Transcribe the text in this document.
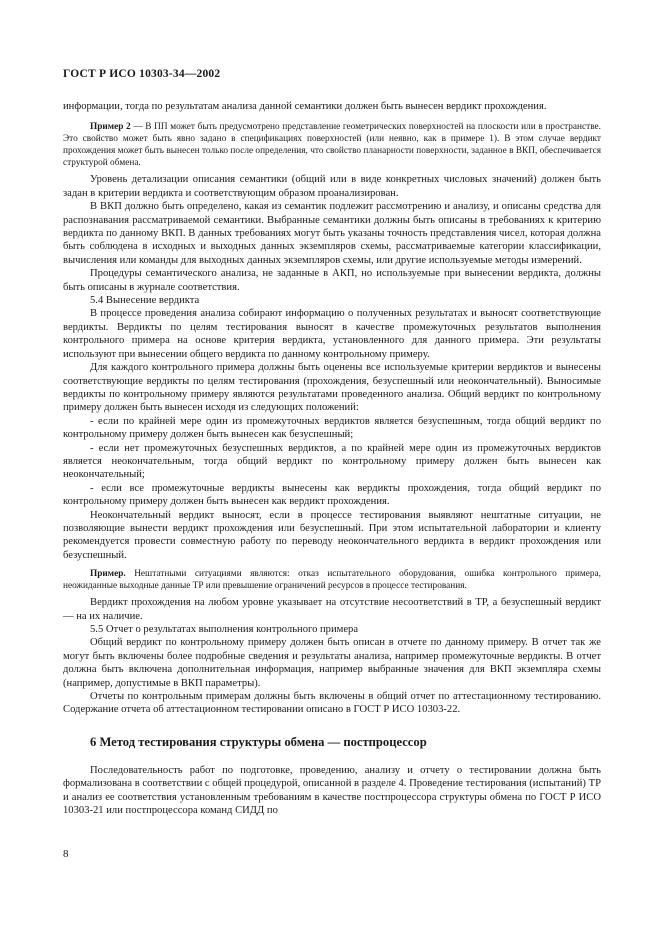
ГОСТ Р ИСО 10303-34—2002

информации, тогда по результатам анализа данной семантики должен быть вынесен вердикт прохождения.

Пример 2 — В ПП может быть предусмотрено представление геометрических поверхностей на плоскости или в пространстве. Это свойство может быть явно задано в спецификациях поверхностей (или неявно, как в примере 1). В этом случае вердикт прохождения может быть вынесен только после определения, что свойство планарности поверхности, заданное в ВКП, обеспечивается структурой обмена.

Уровень детализации описания семантики (общий или в виде конкретных числовых значений) должен быть задан в критерии вердикта и соответствующим образом проанализирован.

В ВКП должно быть определено, какая из семантик подлежит рассмотрению и анализу, и описаны средства для распознавания рассматриваемой семантики. Выбранные семантики должны быть описаны в требованиях к критерию вердикта по данному ВКП. В данных требованиях могут быть указаны точность представления чисел, которая должна быть соблюдена в исходных и выходных данных экземпляров схемы, рассматриваемые категории классификации, вычисления или команды для выходных данных экземпляров схемы, или другие используемые методы измерений.

Процедуры семантического анализа, не заданные в АКП, но используемые при вынесении вердикта, должны быть описаны в журнале соответствия.

5.4 Вынесение вердикта

В процессе проведения анализа собирают информацию о полученных результатах и выносят соответствующие вердикты. Вердикты по целям тестирования выносят в качестве промежуточных результатов выполнения контрольного примера на основе критерия вердикта, установленного для данного примера. Эти результаты используют при вынесении общего вердикта по данному контрольному примеру.

Для каждого контрольного примера должны быть оценены все используемые критерии вердиктов и вынесены соответствующие вердикты по целям тестирования (прохождения, безуспешный или неокончательный). Выносимые вердикты по контрольному примеру являются результатами проведенного анализа. Общий вердикт по контрольному примеру должен быть вынесен исходя из следующих положений:

- если по крайней мере один из промежуточных вердиктов является безуспешным, тогда общий вердикт по контрольному примеру должен быть вынесен как безуспешный;

- если нет промежуточных безуспешных вердиктов, а по крайней мере один из промежуточных вердиктов является неокончательным, тогда общий вердикт по контрольному примеру должен быть вынесен как неокончательный;

- если все промежуточные вердикты вынесены как вердикты прохождения, тогда общий вердикт по контрольному примеру должен быть вынесен как вердикт прохождения.

Неокончательный вердикт выносят, если в процессе тестирования выявляют нештатные ситуации, не позволяющие вынести вердикт прохождения или безуспешный. При этом испытательной лаборатории и клиенту рекомендуется провести совместную работу по переводу неокончательного вердикта в вердикт прохождения или безуспешный.

Пример. Нештатными ситуациями являются: отказ испытательного оборудования, ошибка контрольного примера, неожиданные выходные данные ТР или превышение ограничений ресурсов в процессе тестирования.

Вердикт прохождения на любом уровне указывает на отсутствие несоответствий в ТР, а безуспешный вердикт — на их наличие.

5.5 Отчет о результатах выполнения контрольного примера

Общий вердикт по контрольному примеру должен быть описан в отчете по данному примеру. В отчет так же могут быть включены более подробные сведения и результаты анализа, например промежуточные вердикты. В отчет должна быть включена дополнительная информация, например выбранные значения для ВКП экземпляра схемы (например, допустимые в ВКП параметры).

Отчеты по контрольным примерам должны быть включены в общий отчет по аттестационному тестированию. Содержание отчета об аттестационном тестировании описано в ГОСТ Р ИСО 10303-22.

6 Метод тестирования структуры обмена — постпроцессор

Последовательность работ по подготовке, проведению, анализу и отчету о тестировании должна быть формализована в соответствии с общей процедурой, описанной в разделе 4. Проведение тестирования (испытаний) ТР и анализ ее соответствия установленным требованиям в качестве постпроцессора структуры обмена по ГОСТ Р ИСО 10303-21 или постпроцессора команд СИДД по

8
